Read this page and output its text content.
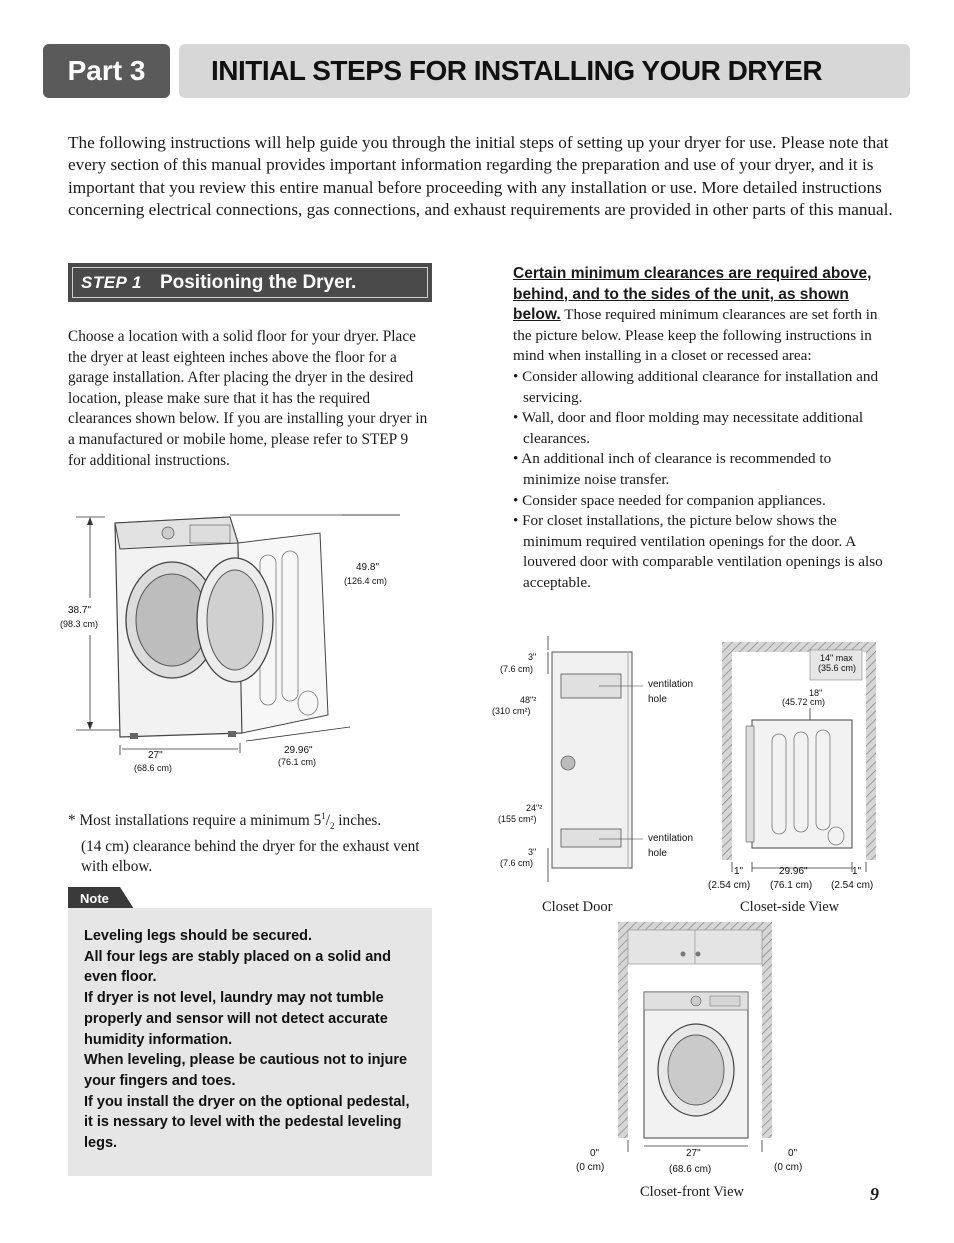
Part 3	INITIAL STEPS FOR INSTALLING YOUR DRYER
The following instructions will help guide you through the initial steps of setting up your dryer for use. Please note that every section of this manual provides important information regarding the preparation and use of your dryer, and it is important that you review this entire manual before proceeding with any installation or use. More detailed instructions concerning electrical connections, gas connections, and exhaust requirements are provided in other parts of this manual.
STEP 1 Positioning the Dryer.
Choose a location with a solid floor for your dryer. Place the dryer at least eighteen inches above the floor for a garage installation. After placing the dryer in the desired location, please make sure that it has the required clearances shown below. If you are installing your dryer in a manufactured or mobile home, please refer to STEP 9 for additional instructions.
38.7"
(98.3 cm)
49.8"
(126.4 cm)
27"
(68.6 cm)
29.96"
(76.1 cm)
* Most installations require a minimum $5^1/_2$ inches.
(14 cm) clearance behind the dryer for the exhaust vent with elbow.
Note
Leveling legs should be secured.
All four legs are stably placed on a solid and even floor.
If dryer is not level, laundry may not tumble properly and sensor will not detect accurate humidity information.
When leveling, please be cautious not to injure your fingers and toes.
If you install the dryer on the optional pedestal, it is nessary to level with the pedestal leveling legs.
Certain minimum clearances are required above, behind, and to the sides of the unit, as shown below. Those required minimum clearances are set forth in the picture below. Please keep the following instructions in mind when installing in a closet or recessed area:
• Consider allowing additional clearance for installation and servicing.
• Wall, door and floor molding may necessitate additional clearances.
• An additional inch of clearance is recommended to minimize noise transfer.
• Consider space needed for companion appliances.
• For closet installations, the picture below shows the minimum required ventilation openings for the door. A louvered door with comparable ventilation openings is also acceptable.
3"
(7.6 cm)
48"²
(310 cm²)
24"²
(155 cm²)
3"
(7.6 cm)
ventilation
hole
ventilation
hole
14" max
(35.6 cm)
18"
(45.72 cm)
1"
(2.54 cm)
29.96"
(76.1 cm)
1"
(2.54 cm)
Closet Door	Closet-side View
0"
(0 cm)
27"
(68.6 cm)
0"
(0 cm)
Closet-front View	9
